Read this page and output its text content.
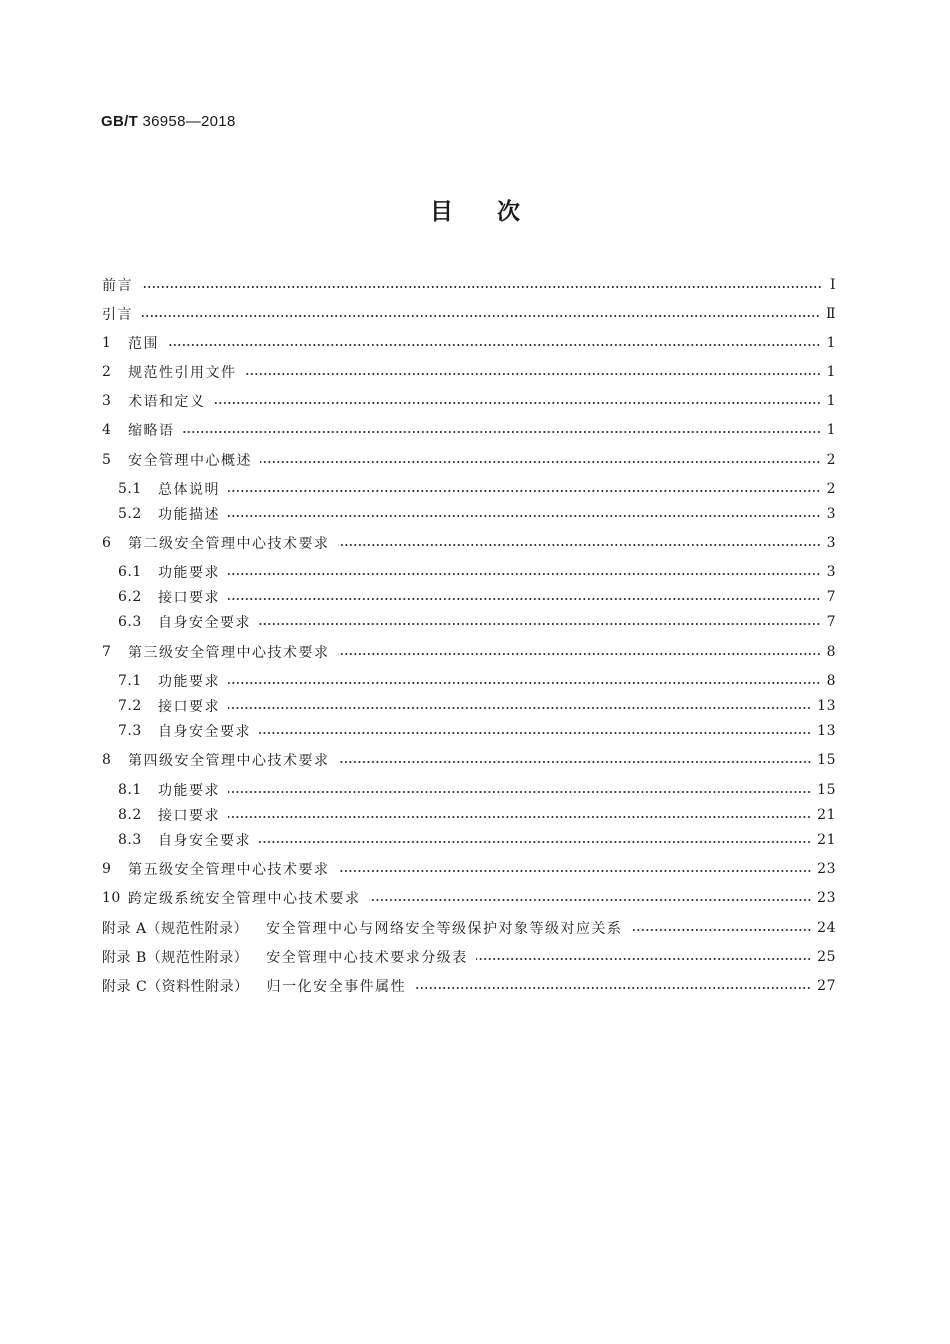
GB/T 36958—2018
目次
前言	Ⅰ
引言	Ⅱ
1	范围	1
2	规范性引用文件	1
3	术语和定义	1
4	缩略语	1
5	安全管理中心概述	2
5.1	总体说明	2
5.2	功能描述	3
6	第二级安全管理中心技术要求	3
6.1	功能要求	3
6.2	接口要求	7
6.3	自身安全要求	7
7	第三级安全管理中心技术要求	8
7.1	功能要求	8
7.2	接口要求	13
7.3	自身安全要求	13
8	第四级安全管理中心技术要求	15
8.1	功能要求	15
8.2	接口要求	21
8.3	自身安全要求	21
9	第五级安全管理中心技术要求	23
10 跨定级系统安全管理中心技术要求	23
附录 A（规范性附录）	安全管理中心与网络安全等级保护对象等级对应关系	24
附录 B（规范性附录）	安全管理中心技术要求分级表	25
附录 C（资料性附录）	归一化安全事件属性	27
